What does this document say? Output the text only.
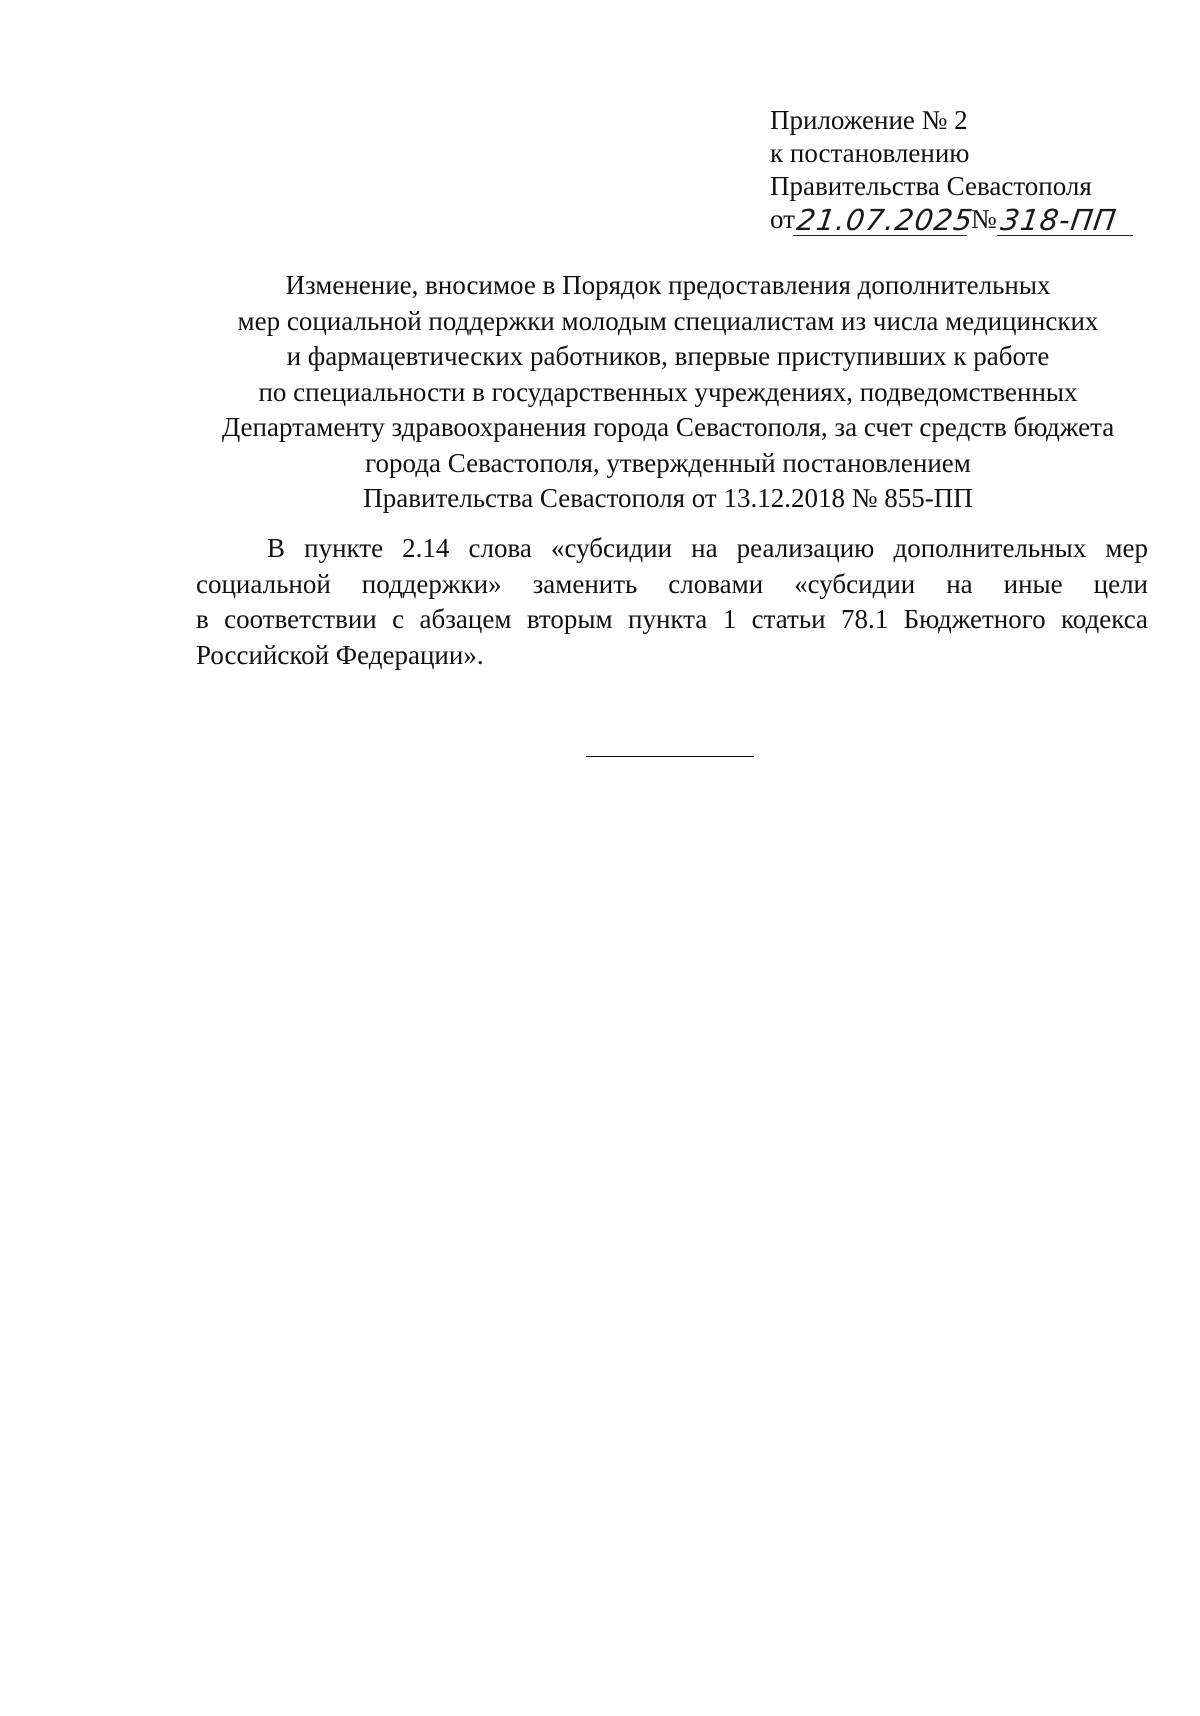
Приложение № 2
к постановлению
Правительства Севастополя
от 21.07.2025
№ 318-ПП
Изменение, вносимое в Порядок предоставления дополнительных
мер социальной поддержки молодым специалистам из числа медицинских
и фармацевтических работников, впервые приступивших к работе
по специальности в государственных учреждениях, подведомственных
Департаменту здравоохранения города Севастополя, за счет средств бюджета
города Севастополя, утвержденный постановлением
Правительства Севастополя от 13.12.2018 № 855-ПП
В пункте 2.14 слова «субсидии на реализацию дополнительных мер
социальной поддержки» заменить словами «субсидии на иные цели
в соответствии с абзацем вторым пункта 1 статьи 78.1 Бюджетного кодекса
Российской Федерации».
